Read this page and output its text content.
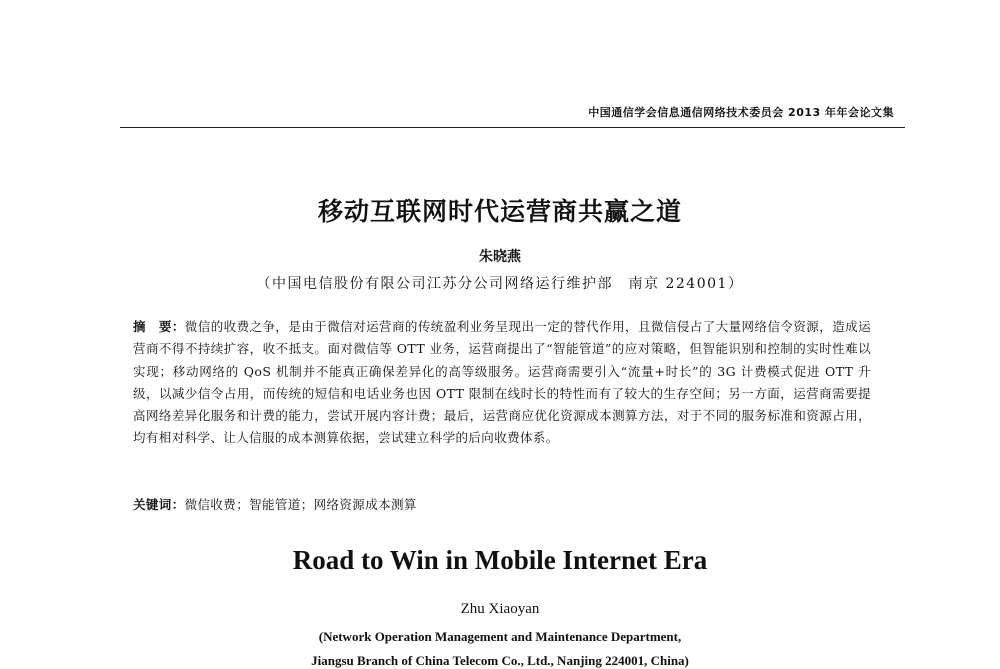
中国通信学会信息通信网络技术委员会 2013 年年会论文集
移动互联网时代运营商共赢之道
朱晓燕
（中国电信股份有限公司江苏分公司网络运行维护部　南京 224001）
摘　要：微信的收费之争，是由于微信对运营商的传统盈利业务呈现出一定的替代作用，且微信侵占了大量网络信令资源，造成运营商不得不持续扩容，收不抵支。面对微信等 OTT 业务，运营商提出了“智能管道”的应对策略，但智能识别和控制的实时性难以实现；移动网络的 QoS 机制并不能真正确保差异化的高等级服务。运营商需要引入“流量+时长”的 3G 计费模式促进 OTT 升级，以减少信令占用，而传统的短信和电话业务也因 OTT 限制在线时长的特性而有了较大的生存空间；另一方面，运营商需要提高网络差异化服务和计费的能力，尝试开展内容计费；最后，运营商应优化资源成本测算方法，对于不同的服务标准和资源占用，均有相对科学、让人信服的成本测算依据，尝试建立科学的后向收费体系。
关键词：微信收费；智能管道；网络资源成本测算
Road to Win in Mobile Internet Era
Zhu Xiaoyan
(Network Operation Management and Maintenance Department,
Jiangsu Branch of China Telecom Co., Ltd., Nanjing 224001, China)
